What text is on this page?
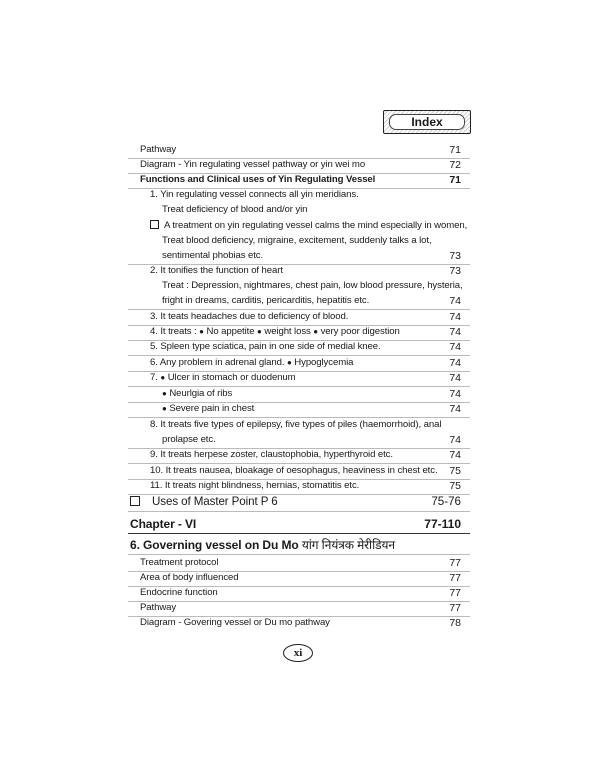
Index
Pathway	71
Diagram - Yin regulating vessel pathway or yin wei mo	72
Functions and Clinical uses of Yin Regulating Vessel	71
1. Yin regulating vessel connects all yin meridians.
Treat deficiency of blood and/or yin
A treatment on yin regulating vessel calms the mind especially in women,
Treat blood deficiency, migraine, excitement, suddenly talks a lot,
sentimental phobias etc.	73
2. It tonifies the function of heart	73
Treat : Depression, nightmares, chest pain, low blood pressure, hysteria,
fright in dreams, carditis, pericarditis, hepatitis etc.	74
3. It teats headaches due to deficiency of blood.	74
4. It treats : ● No appetite ● weight loss ● very poor digestion	74
5. Spleen type sciatica, pain in one side of medial knee.	74
6. Any problem in adrenal gland. ● Hypoglycemia	74
7. ● Ulcer in stomach or duodenum	74
● Neurlgia of ribs	74
● Severe pain in chest	74
8. It treats five types of epilepsy, five types of piles (haemorrhoid), anal
prolapse etc.	74
9. It treats herpese zoster, claustophobia, hyperthyroid etc.	74
10. It treats nausea, bloakage of oesophagus, heaviness in chest etc. 75
11. It treats night blindness, hernias, stomatitis etc.	75
Uses of Master Point P 6	75-76
Chapter - VI	77-110
6. Governing vessel on Du Mo यांग नियंत्रक मेरीडियन
Treatment protocol	77
Area of body influenced	77
Endocrine function	77
Pathway	77
Diagram - Govering vessel or Du mo pathway	78
xi
